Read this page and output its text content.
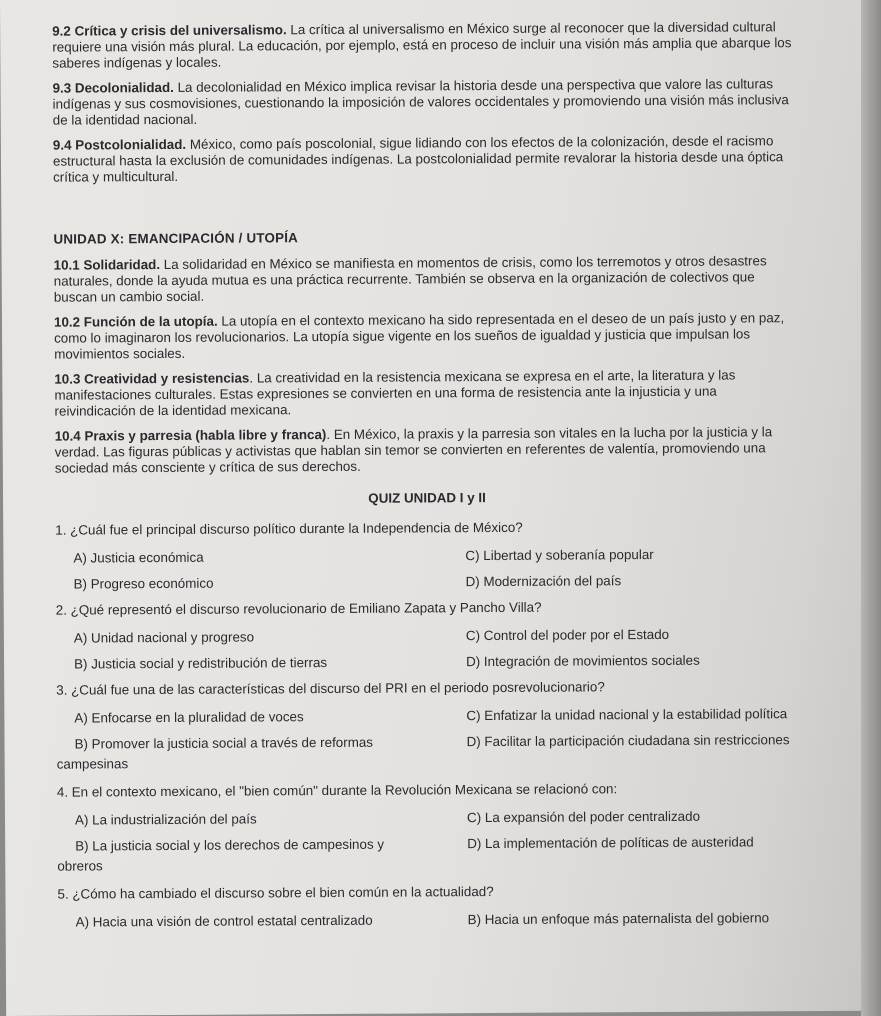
9.2 Crítica y crisis del universalismo. La crítica al universalismo en México surge al reconocer que la diversidad cultural requiere una visión más plural. La educación, por ejemplo, está en proceso de incluir una visión más amplia que abarque los saberes indígenas y locales.
9.3 Decolonialidad. La decolonialidad en México implica revisar la historia desde una perspectiva que valore las culturas indígenas y sus cosmovisiones, cuestionando la imposición de valores occidentales y promoviendo una visión más inclusiva de la identidad nacional.
9.4 Postcolonialidad. México, como país poscolonial, sigue lidiando con los efectos de la colonización, desde el racismo estructural hasta la exclusión de comunidades indígenas. La postcolonialidad permite revalorar la historia desde una óptica crítica y multicultural.
UNIDAD X: EMANCIPACIÓN / UTOPÍA
10.1 Solidaridad. La solidaridad en México se manifiesta en momentos de crisis, como los terremotos y otros desastres naturales, donde la ayuda mutua es una práctica recurrente. También se observa en la organización de colectivos que buscan un cambio social.
10.2 Función de la utopía. La utopía en el contexto mexicano ha sido representada en el deseo de un país justo y en paz, como lo imaginaron los revolucionarios. La utopía sigue vigente en los sueños de igualdad y justicia que impulsan los movimientos sociales.
10.3 Creatividad y resistencias. La creatividad en la resistencia mexicana se expresa en el arte, la literatura y las manifestaciones culturales. Estas expresiones se convierten en una forma de resistencia ante la injusticia y una reivindicación de la identidad mexicana.
10.4 Praxis y parresia (habla libre y franca). En México, la praxis y la parresia son vitales en la lucha por la justicia y la verdad. Las figuras públicas y activistas que hablan sin temor se convierten en referentes de valentía, promoviendo una sociedad más consciente y crítica de sus derechos.
QUIZ UNIDAD I y II

1. ¿Cuál fue el principal discurso político durante la Independencia de México?

A) Justicia económica	C) Libertad y soberanía popular
B) Progreso económico	D) Modernización del país

2. ¿Qué representó el discurso revolucionario de Emiliano Zapata y Pancho Villa?

A) Unidad nacional y progreso	C) Control del poder por el Estado
B) Justicia social y redistribución de tierras	D) Integración de movimientos sociales

3. ¿Cuál fue una de las características del discurso del PRI en el periodo posrevolucionario?

A) Enfocarse en la pluralidad de voces	C) Enfatizar la unidad nacional y la estabilidad política
B) Promover la justicia social a través de reformas	D) Facilitar la participación ciudadana sin restricciones
campesinas

4. En el contexto mexicano, el "bien común" durante la Revolución Mexicana se relacionó con:

A) La industrialización del país	C) La expansión del poder centralizado
B) La justicia social y los derechos de campesinos y	D) La implementación de políticas de austeridad
obreros

5. ¿Cómo ha cambiado el discurso sobre el bien común en la actualidad?

A) Hacia una visión de control estatal centralizado	B) Hacia un enfoque más paternalista del gobierno
